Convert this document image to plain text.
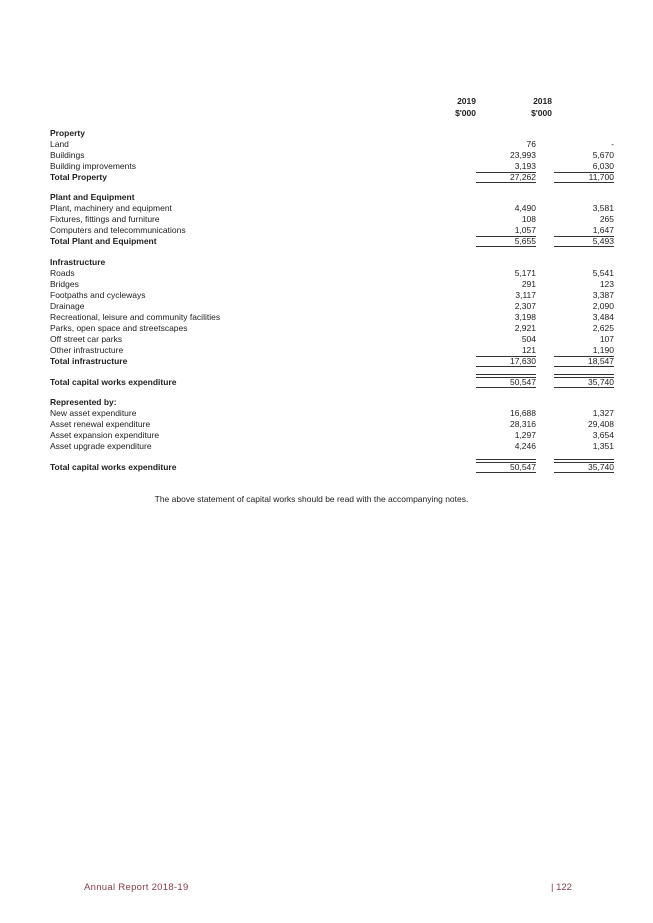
2019
$'000
2018
$'000
Property
Land	76	-
Buildings	23,993	5,670
Building improvements	3,193	6,030
Total Property	27,262	11,700
Plant and Equipment
Plant, machinery and equipment	4,490	3,581
Fixtures, fittings and furniture	108	265
Computers and telecommunications	1,057	1,647
Total Plant and Equipment	5,655	5,493
Infrastructure
Roads	5,171	5,541
Bridges	291	123
Footpaths and cycleways	3,117	3,387
Drainage	2,307	2,090
Recreational, leisure and community facilities	3,198	3,484
Parks, open space and streetscapes	2,921	2,625
Off street car parks	504	107
Other infrastructure	121	1,190
Total infrastructure	17,630	18,547
Total capital works expenditure	50,547	35,740
Represented by:
New asset expenditure	16,688	1,327
Asset renewal expenditure	28,316	29,408
Asset expansion expenditure	1,297	3,654
Asset upgrade expenditure	4,246	1,351
Total capital works expenditure	50,547	35,740
The above statement of capital works should be read with the accompanying notes.
Annual Report 2018-19	| 122
